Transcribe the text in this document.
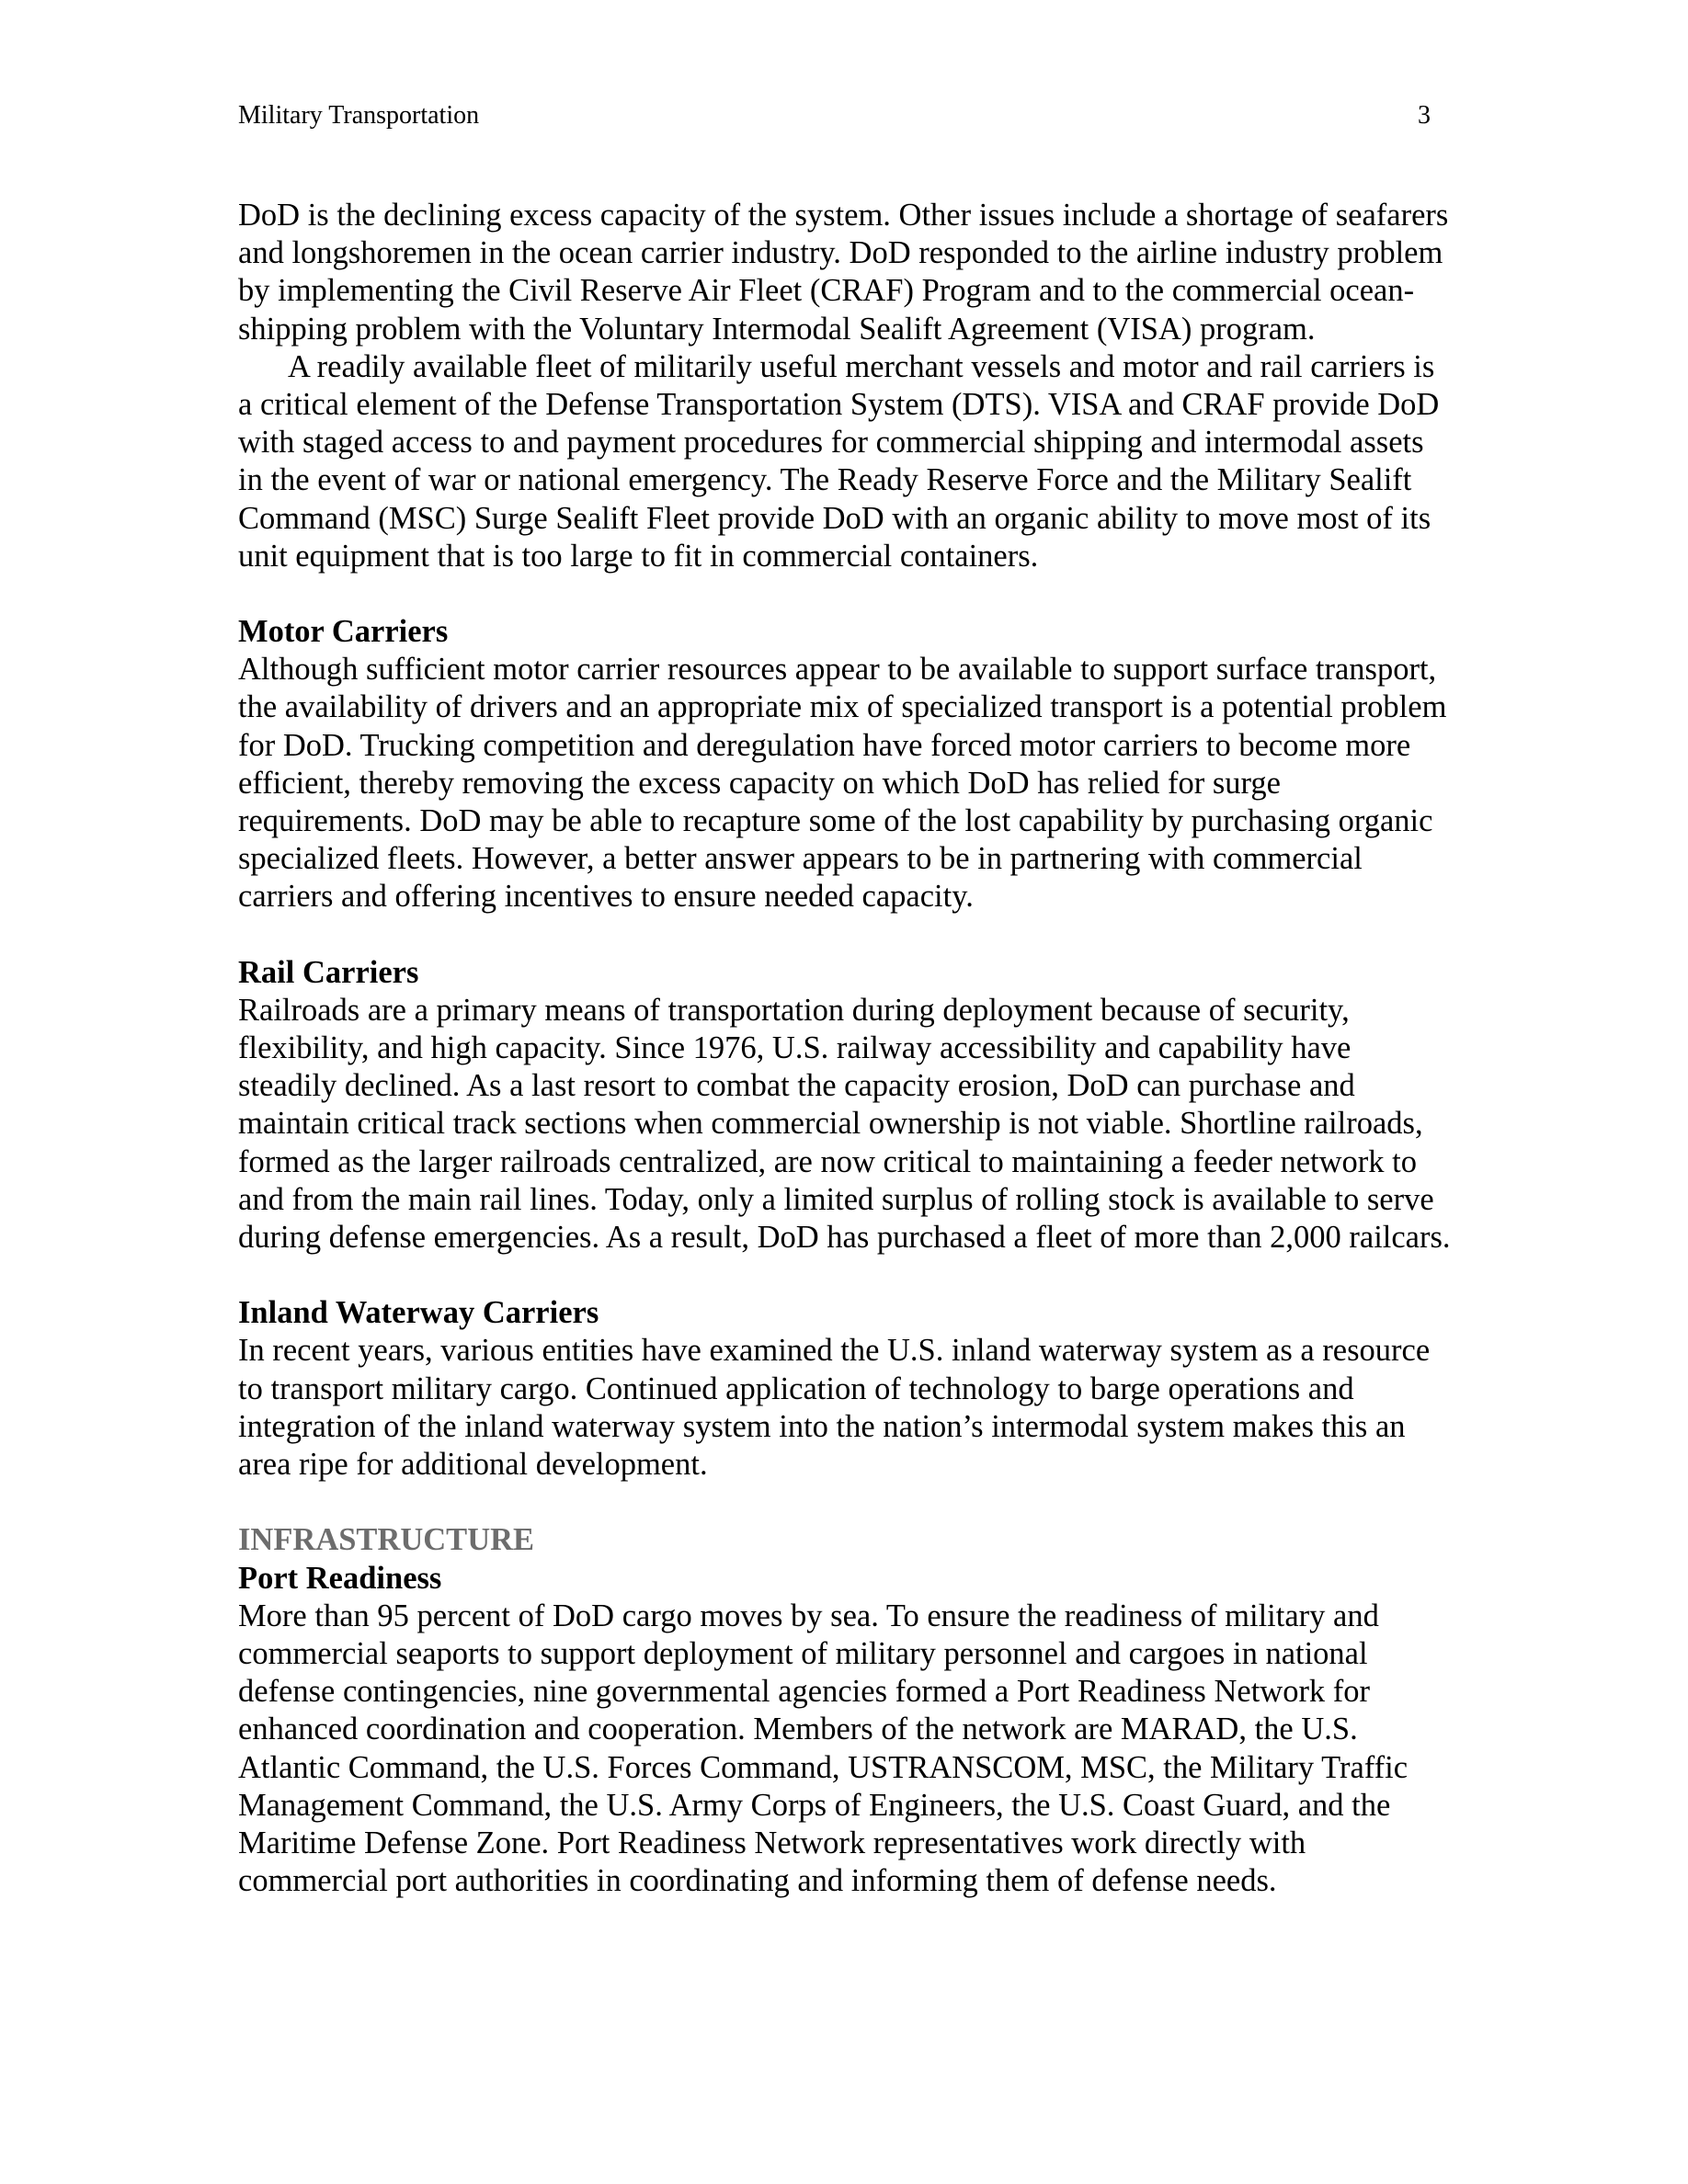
Military Transportation	3

DoD is the declining excess capacity of the system. Other issues include a shortage of seafarers and longshoremen in the ocean carrier industry. DoD responded to the airline industry problem by implementing the Civil Reserve Air Fleet (CRAF) Program and to the commercial ocean-shipping problem with the Voluntary Intermodal Sealift Agreement (VISA) program.

A readily available fleet of militarily useful merchant vessels and motor and rail carriers is a critical element of the Defense Transportation System (DTS). VISA and CRAF provide DoD with staged access to and payment procedures for commercial shipping and intermodal assets in the event of war or national emergency. The Ready Reserve Force and the Military Sealift Command (MSC) Surge Sealift Fleet provide DoD with an organic ability to move most of its unit equipment that is too large to fit in commercial containers.

Motor Carriers

Although sufficient motor carrier resources appear to be available to support surface transport, the availability of drivers and an appropriate mix of specialized transport is a potential problem for DoD. Trucking competition and deregulation have forced motor carriers to become more efficient, thereby removing the excess capacity on which DoD has relied for surge requirements. DoD may be able to recapture some of the lost capability by purchasing organic specialized fleets. However, a better answer appears to be in partnering with commercial carriers and offering incentives to ensure needed capacity.

Rail Carriers

Railroads are a primary means of transportation during deployment because of security, flexibility, and high capacity. Since 1976, U.S. railway accessibility and capability have steadily declined. As a last resort to combat the capacity erosion, DoD can purchase and maintain critical track sections when commercial ownership is not viable. Shortline railroads, formed as the larger railroads centralized, are now critical to maintaining a feeder network to and from the main rail lines. Today, only a limited surplus of rolling stock is available to serve during defense emergencies. As a result, DoD has purchased a fleet of more than 2,000 railcars.

Inland Waterway Carriers

In recent years, various entities have examined the U.S. inland waterway system as a resource to transport military cargo. Continued application of technology to barge operations and integration of the inland waterway system into the nation’s intermodal system makes this an area ripe for additional development.

INFRASTRUCTURE

Port Readiness

More than 95 percent of DoD cargo moves by sea. To ensure the readiness of military and commercial seaports to support deployment of military personnel and cargoes in national defense contingencies, nine governmental agencies formed a Port Readiness Network for enhanced coordination and cooperation. Members of the network are MARAD, the U.S. Atlantic Command, the U.S. Forces Command, USTRANSCOM, MSC, the Military Traffic Management Command, the U.S. Army Corps of Engineers, the U.S. Coast Guard, and the Maritime Defense Zone. Port Readiness Network representatives work directly with commercial port authorities in coordinating and informing them of defense needs.
